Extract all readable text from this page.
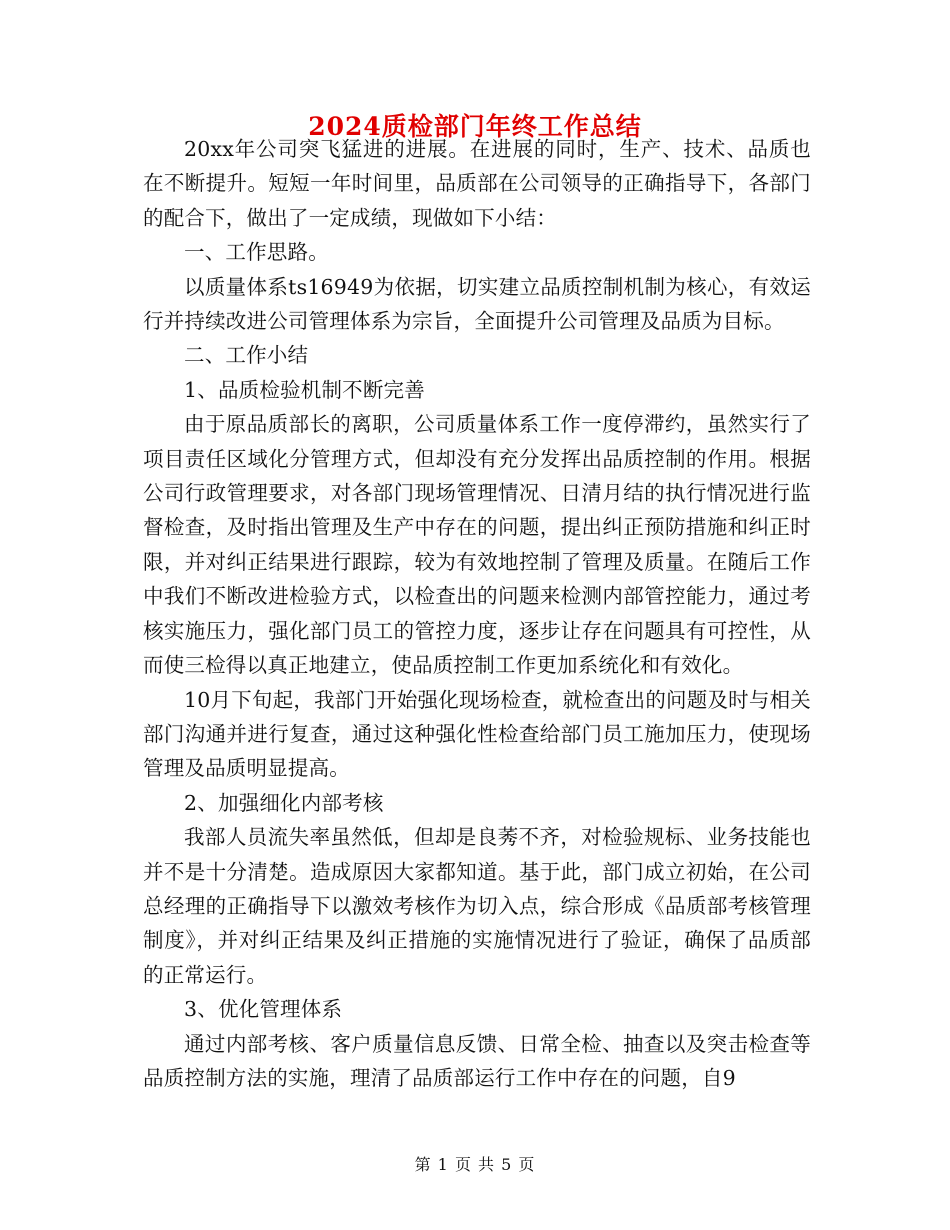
2024质检部门年终工作总结

20xx年公司突飞猛进的进展。在进展的同时，生产、技术、品质也在不断提升。短短一年时间里，品质部在公司领导的正确指导下，各部门的配合下，做出了一定成绩，现做如下小结：

一、工作思路。

以质量体系ts16949为依据，切实建立品质控制机制为核心，有效运行并持续改进公司管理体系为宗旨，全面提升公司管理及品质为目标。

二、工作小结

1、品质检验机制不断完善

由于原品质部长的离职，公司质量体系工作一度停滞约，虽然实行了项目责任区域化分管理方式，但却没有充分发挥出品质控制的作用。根据公司行政管理要求，对各部门现场管理情况、日清月结的执行情况进行监督检查，及时指出管理及生产中存在的问题，提出纠正预防措施和纠正时限，并对纠正结果进行跟踪，较为有效地控制了管理及质量。在随后工作中我们不断改进检验方式，以检查出的问题来检测内部管控能力，通过考核实施压力，强化部门员工的管控力度，逐步让存在问题具有可控性，从而使三检得以真正地建立，使品质控制工作更加系统化和有效化。

10月下旬起，我部门开始强化现场检查，就检查出的问题及时与相关部门沟通并进行复查，通过这种强化性检查给部门员工施加压力，使现场管理及品质明显提高。

2、加强细化内部考核

我部人员流失率虽然低，但却是良莠不齐，对检验规标、业务技能也并不是十分清楚。造成原因大家都知道。基于此，部门成立初始，在公司总经理的正确指导下以激效考核作为切入点，综合形成《品质部考核管理制度》，并对纠正结果及纠正措施的实施情况进行了验证，确保了品质部的正常运行。

3、优化管理体系

通过内部考核、客户质量信息反馈、日常全检、抽查以及突击检查等品质控制方法的实施，理清了品质部运行工作中存在的问题，自9

第 1 页 共 5 页
